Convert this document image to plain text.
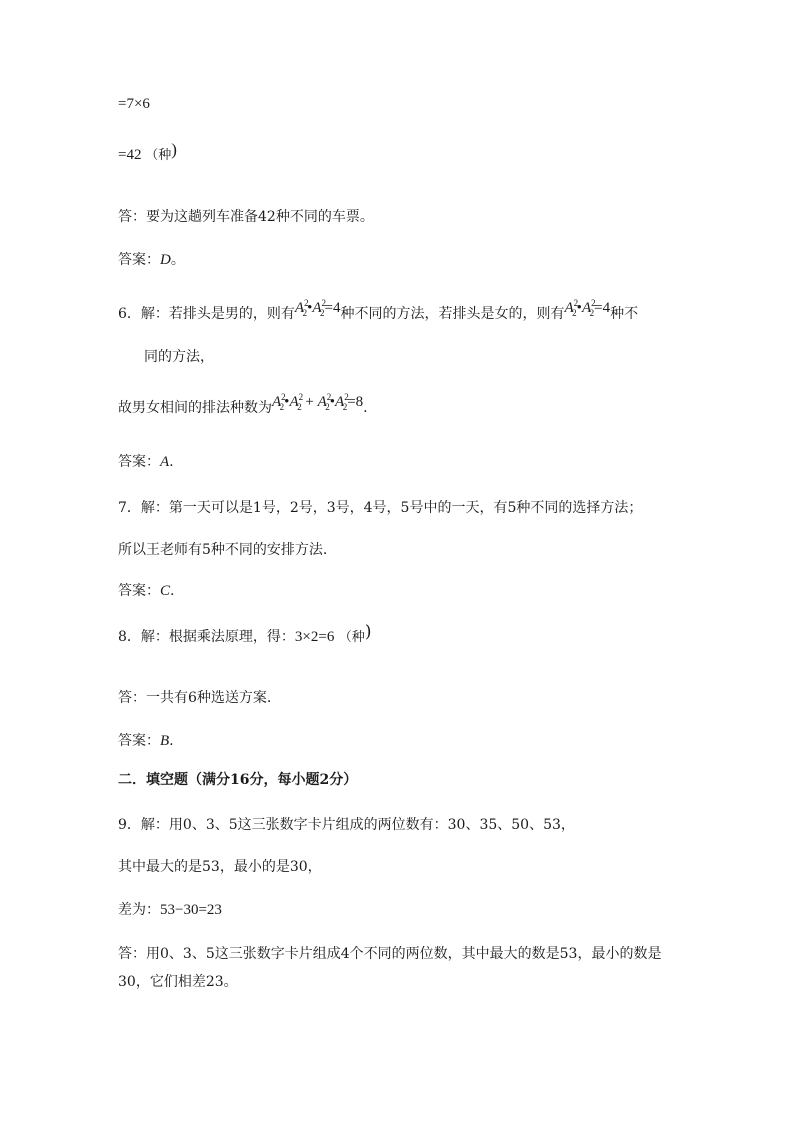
=7×6
=42 （种)
答：要为这趟列车准备42种不同的车票。
答案：D。
6．解：若排头是男的，则有$A^2_2•A^2_2=4$种不同的方法，若排头是女的，则有$A^2_2•A^2_2=4$种不
同的方法，
故男女相间的排法种数为$A^2_2•A^2_2$ + $A^2_2•A^2_2=8$.
答案：A.
7．解：第一天可以是1号，2号，3号，4号，5号中的一天，有5种不同的选择方法；
所以王老师有5种不同的安排方法.
答案：C.
8．解：根据乘法原理，得：3×2=6 （种)
答：一共有6种选送方案.
答案：B.
二．填空题（满分16分，每小题2分）
9．解：用0、3、5这三张数字卡片组成的两位数有：30、35、50、53，
其中最大的是53，最小的是30，
差为：53−30=23
答：用0、3、5这三张数字卡片组成4个不同的两位数，其中最大的数是53，最小的数是
30，它们相差23。
